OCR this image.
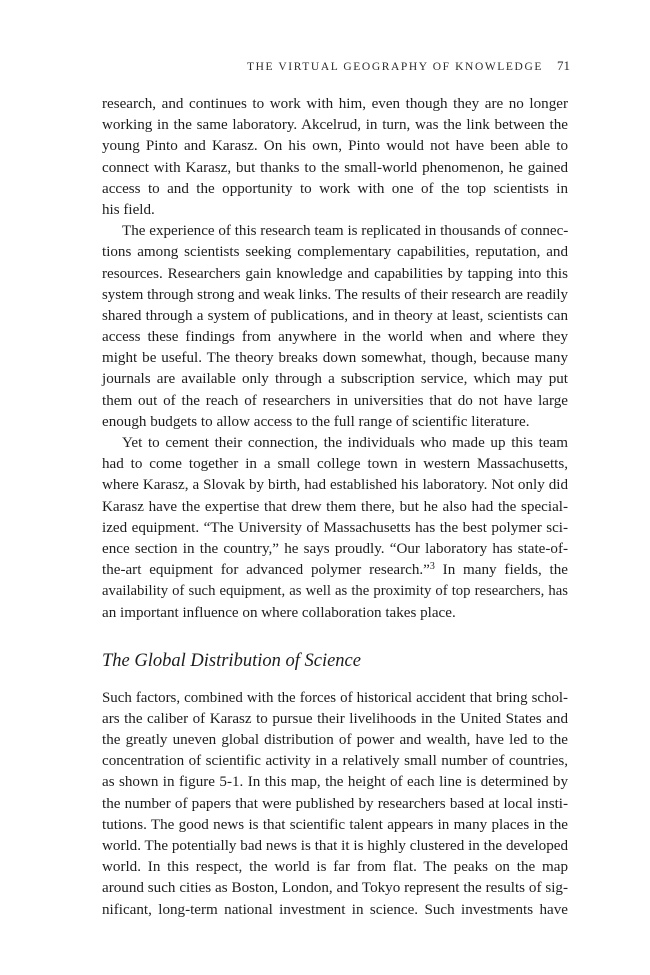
THE VIRTUAL GEOGRAPHY OF KNOWLEDGE 71
research, and continues to work with him, even though they are no longer
working in the same laboratory. Akcelrud, in turn, was the link between the
young Pinto and Karasz. On his own, Pinto would not have been able to
connect with Karasz, but thanks to the small-world phenomenon, he gained
access to and the opportunity to work with one of the top scientists in
his field.
The experience of this research team is replicated in thousands of connec-
tions among scientists seeking complementary capabilities, reputation, and
resources. Researchers gain knowledge and capabilities by tapping into this
system through strong and weak links. The results of their research are readily
shared through a system of publications, and in theory at least, scientists can
access these findings from anywhere in the world when and where they
might be useful. The theory breaks down somewhat, though, because many
journals are available only through a subscription service, which may put
them out of the reach of researchers in universities that do not have large
enough budgets to allow access to the full range of scientific literature.
Yet to cement their connection, the individuals who made up this team
had to come together in a small college town in western Massachusetts,
where Karasz, a Slovak by birth, had established his laboratory. Not only did
Karasz have the expertise that drew them there, but he also had the special-
ized equipment. “The University of Massachusetts has the best polymer sci-
ence section in the country,” he says proudly. “Our laboratory has state-of-
the-art equipment for advanced polymer research.”$^3$ In many fields, the
availability of such equipment, as well as the proximity of top researchers, has
an important influence on where collaboration takes place.
The Global Distribution of Science
Such factors, combined with the forces of historical accident that bring schol-
ars the caliber of Karasz to pursue their livelihoods in the United States and
the greatly uneven global distribution of power and wealth, have led to the
concentration of scientific activity in a relatively small number of countries,
as shown in figure 5-1. In this map, the height of each line is determined by
the number of papers that were published by researchers based at local insti-
tutions. The good news is that scientific talent appears in many places in the
world. The potentially bad news is that it is highly clustered in the developed
world. In this respect, the world is far from flat. The peaks on the map
around such cities as Boston, London, and Tokyo represent the results of sig-
nificant, long-term national investment in science. Such investments have
